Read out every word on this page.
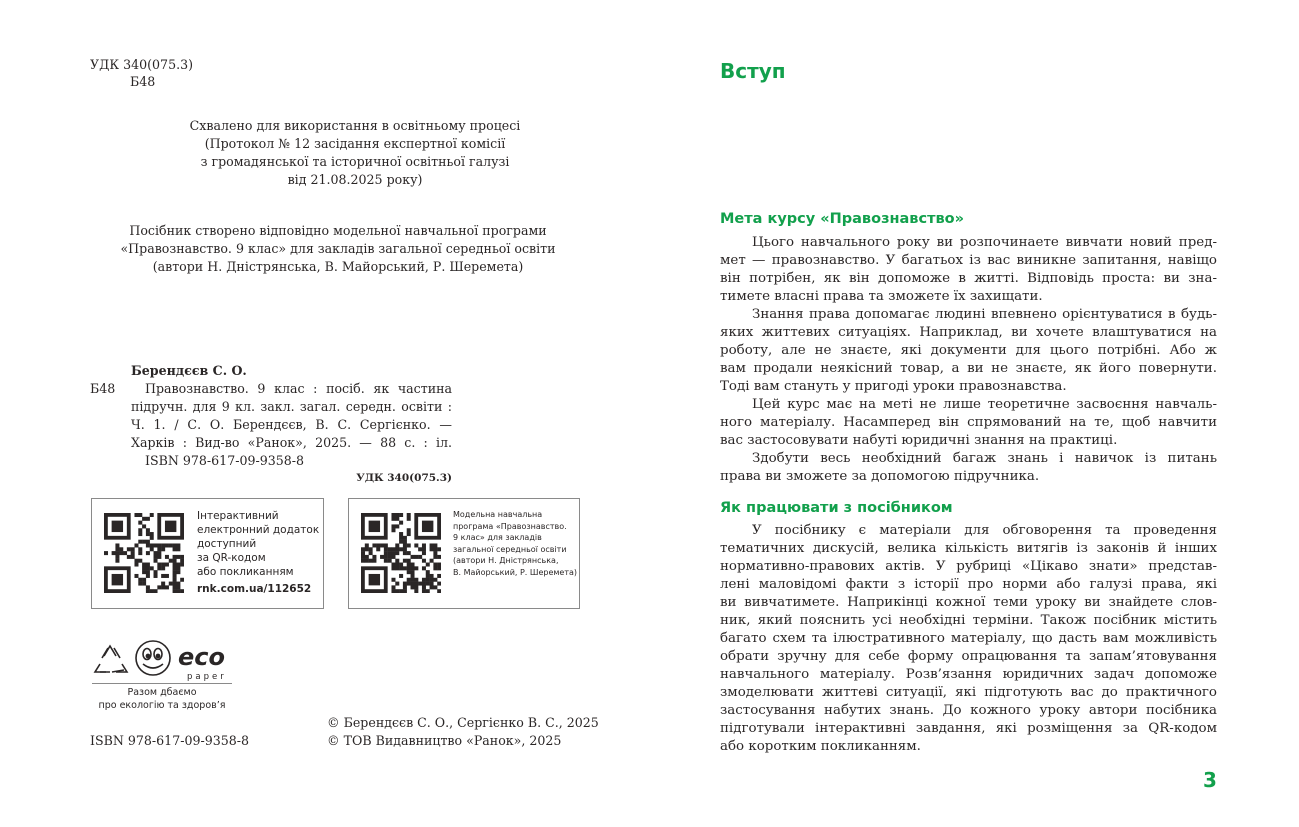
УДК 340(075.3)
Б48
Схвалено для використання в освітньому процесі
(Протокол № 12 засідання експертної комісії
з громадянської та історичної освітньої галузі
від 21.08.2025 року)
Посібник створено відповідно модельної навчальної програми
«Правознавство. 9 клас» для закладів загальної середньої освіти
(автори Н. Дністрянська, В. Майорський, Р. Шеремета)
Берендєєв С. О.
Б48 Правознавство. 9 клас : посіб. як частина
підручн. для 9 кл. закл. загал. середн. освіти :
Ч. 1. / С. О. Берендєєв, В. С. Сергієнко. —
Харків : Вид-во «Ранок», 2025. — 88 с. : іл.
ISBN 978-617-09-9358-8
УДК 340(075.3)
Інтерактивний
електронний додаток
доступний
за QR-кодом
або покликанням
rnk.com.ua/112652
Модельна навчальна
програма «Правознавство.
9 клас» для закладів
загальної середньої освіти
(автори Н. Дністрянська,
В. Майорський, Р. Шеремета)
eco
paper
Разом дбаємо
про екологію та здоров’я
ISBN 978-617-09-9358-8
© Берендєєв С. О., Сергієнко В. С., 2025
© ТОВ Видавництво «Ранок», 2025
Вступ
Мета курсу «Правознавство»
Цього навчального року ви розпочинаете вивчати новий пред-
мет — правознавство. У багатьох із вас виникне запитання, навіщо
він потрібен, як він допоможе в житті. Відповідь проста: ви зна-
тимете власні права та зможете їх захищати.
Знання права допомагає людині впевнено орієнтуватися в будь-
яких життевих ситуаціях. Наприклад, ви хочете влаштуватися на
роботу, але не знаєте, які документи для цього потрібні. Або ж
вам продали неякісний товар, а ви не знаєте, як його повернути.
Тоді вам стануть у пригоді уроки правознавства.
Цей курс має на меті не лише теоретичне засвоєння навчаль-
ного матеріалу. Насамперед він спрямований на те, щоб навчити
вас застосовувати набуті юридичні знання на практиці.
Здобути весь необхідний багаж знань і навичок із питань
права ви зможете за допомогою підручника.
Як працювати з посібником
У посібнику є матеріали для обговорення та проведення
тематичних дискусій, велика кількість витягів із законів й інших
нормативно-правових актів. У рубриці «Цікаво знати» представ-
лені маловідомі факти з історії про норми або галузі права, які
ви вивчатимете. Наприкінці кожної теми уроку ви знайдете слов-
ник, який пояснить усі необхідні терміни. Також посібник містить
багато схем та ілюстративного матеріалу, що дасть вам можливість
обрати зручну для себе форму опрацювання та запам’ятовування
навчального матеріалу. Розв’язання юридичних задач допоможе
змоделювати життеві ситуації, які підготують вас до практичного
застосування набутих знань. До кожного уроку автори посібника
підготували інтерактивні завдання, які розміщення за QR-кодом
або коротким покликанням.
3
